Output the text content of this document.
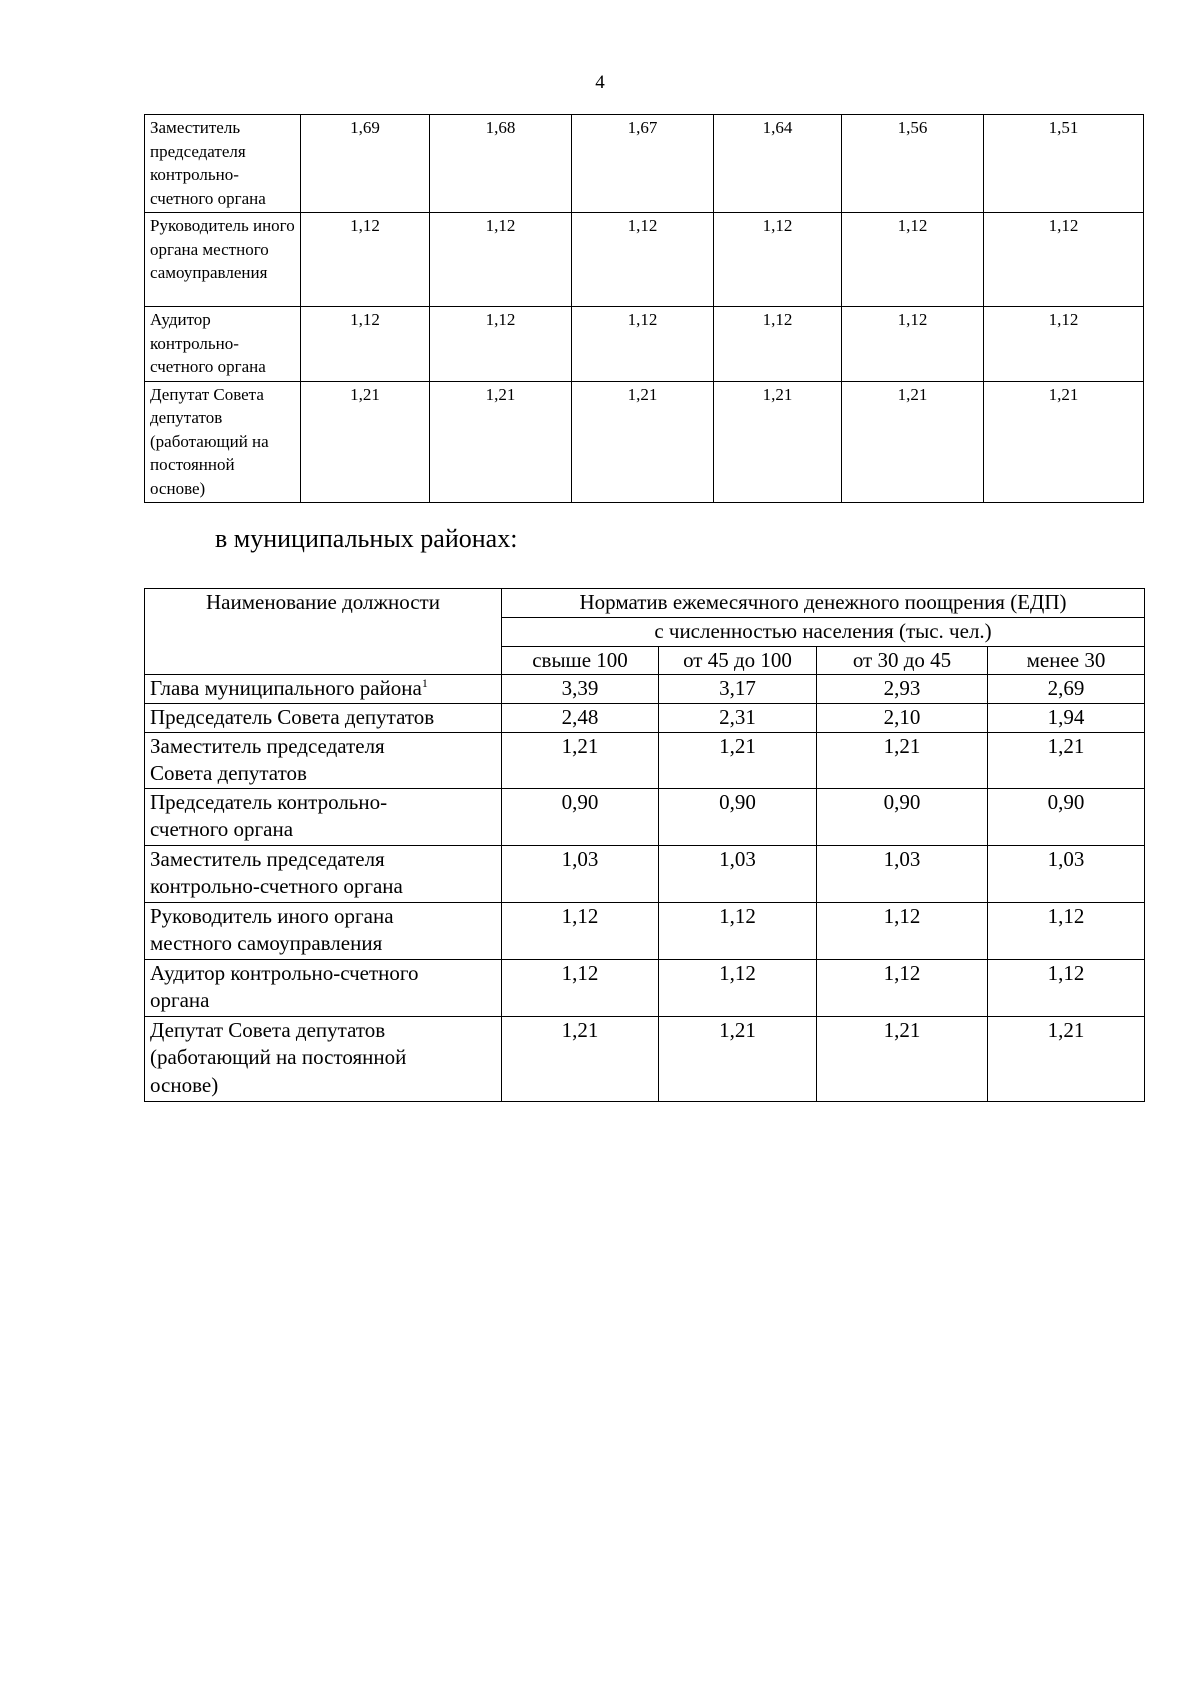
4
Заместитель председателя контрольно-счетного органа	1,69	1,68	1,67	1,64	1,56	1,51

Руководитель иного органа местного самоуправления	1,12	1,12	1,12	1,12	1,12	1,12

Аудитор контрольно-счетного органа	1,12	1,12	1,12	1,12	1,12	1,12

Депутат Совета депутатов (работающий на постоянной основе)	1,21	1,21	1,21	1,21	1,21	1,21
в муниципальных районах:
Наименование должности	Норматив ежемесячного денежного поощрения (ЕДП)			
	с численностью населения (тыс. чел.)			
	свыше 100	от 45 до 100	от 30 до 45	менее 30
Глава муниципального района$^1$	3,39	3,17	2,93	2,69
Председатель Совета депутатов	2,48	2,31	2,10	1,94

Заместитель председателя Совета депутатов	1,21	1,21	1,21	1,21

Председатель контрольно-счетного органа	0,90	0,90	0,90	0,90

Заместитель председателя контрольно-счетного органа	1,03	1,03	1,03	1,03

Руководитель иного органа местного самоуправления	1,12	1,12	1,12	1,12

Аудитор контрольно-счетного органа	1,12	1,12	1,12	1,12

Депутат Совета депутатов (работающий на постоянной основе)	1,21	1,21	1,21	1,21
